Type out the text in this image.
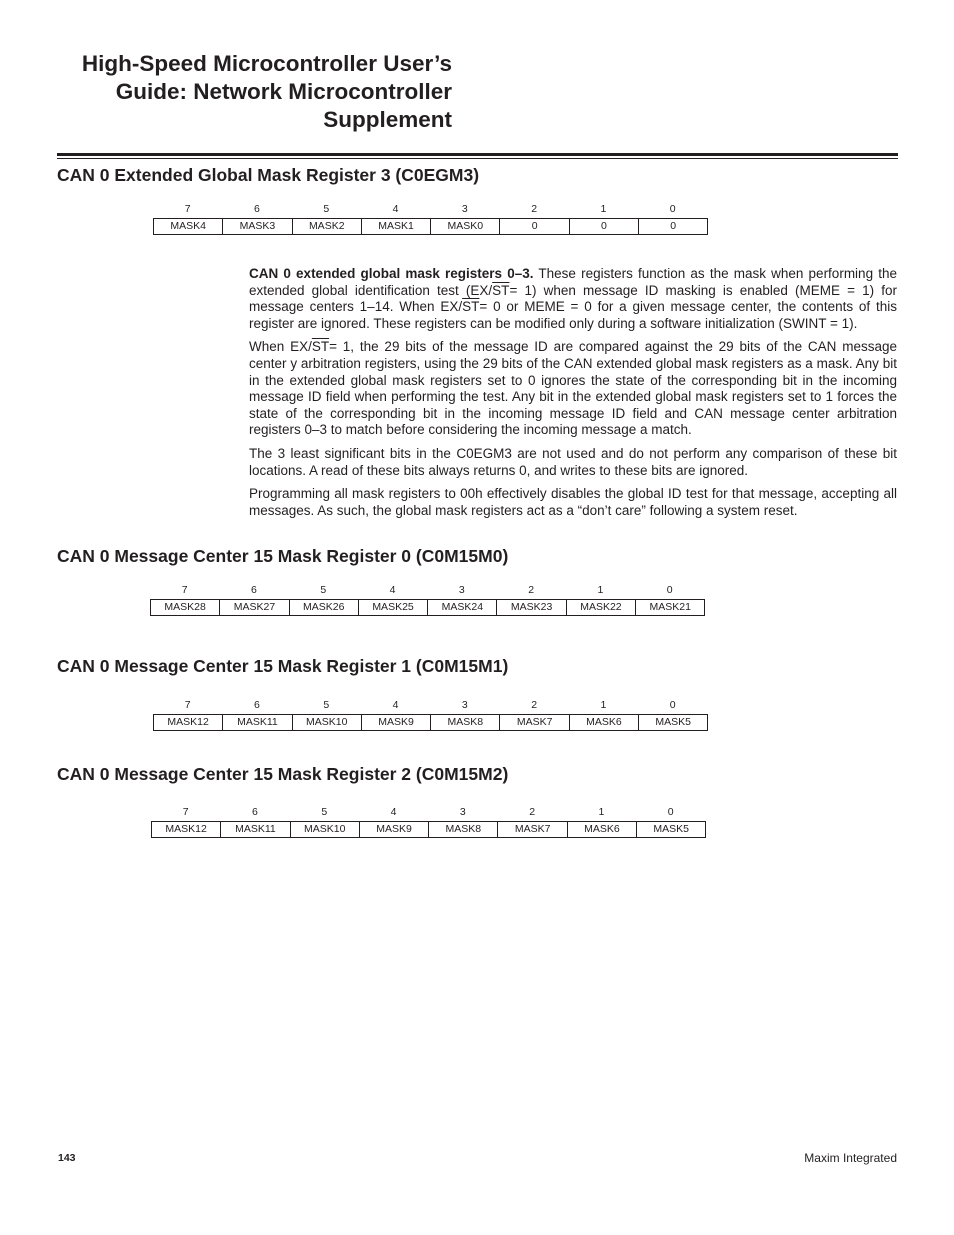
High-Speed Microcontroller User’s
Guide: Network Microcontroller
Supplement
CAN 0 Extended Global Mask Register 3 (C0EGM3)
7	6	5	4	3	2	1	0
MASK4	MASK3	MASK2	MASK1	MASK0	0	0	0

CAN 0 extended global mask registers 0–3. These registers function as the mask when performing the extended global identification test $(EX/\overline{ST}= 1)$ when message ID masking is enabled (MEME = 1) for message centers 1–14. When $EX/\overline{ST}= 0$ or MEME = 0 for a given message center, the contents of this register are ignored. These registers can be modified only during a software initialization (SWINT = 1).

When $EX/\overline{ST}= 1$, the 29 bits of the message ID are compared against the 29 bits of the CAN message center y arbitration registers, using the 29 bits of the CAN extended global mask registers as a mask. Any bit in the extended global mask registers set to 0 ignores the state of the corresponding bit in the incoming message ID field when performing the test. Any bit in the extended global mask registers set to 1 forces the state of the corresponding bit in the incoming message ID field and CAN message center arbitration registers 0–3 to match before considering the incoming message a match.

The 3 least significant bits in the C0EGM3 are not used and do not perform any comparison of these bit locations. A read of these bits always returns 0, and writes to these bits are ignored.

Programming all mask registers to 00h effectively disables the global ID test for that message, accepting all messages. As such, the global mask registers act as a “don’t care” following a system reset.

CAN 0 Message Center 15 Mask Register 0 (C0M15M0)
7	6	5	4	3	2	1	0
MASK28	MASK27	MASK26	MASK25	MASK24	MASK23	MASK22	MASK21
CAN 0 Message Center 15 Mask Register 1 (C0M15M1)
7	6	5	4	3	2	1	0
MASK12	MASK11	MASK10	MASK9	MASK8	MASK7	MASK6	MASK5
CAN 0 Message Center 15 Mask Register 2 (C0M15M2)
7	6	5	4	3	2	1	0
MASK12	MASK11	MASK10	MASK9	MASK8	MASK7	MASK6	MASK5
143	Maxim Integrated
